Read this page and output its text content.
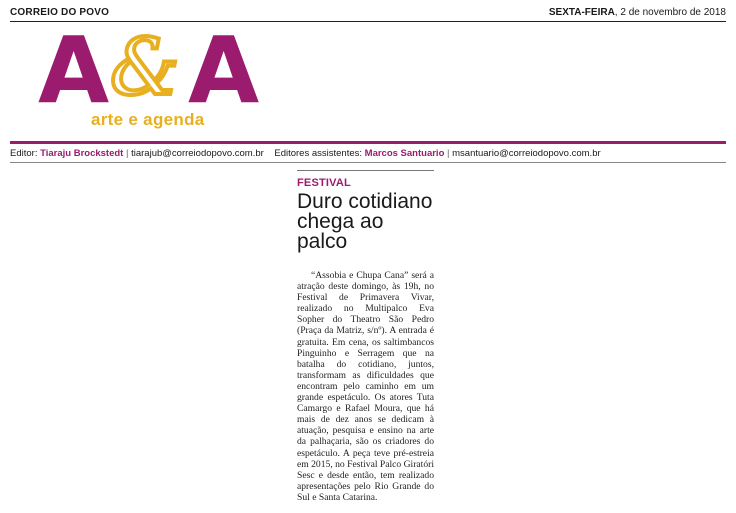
CORREIO DO POVO	SEXTA-FEIRA, 2 de novembro de 2018
A & A
arte e agenda
Editor: Tiaraju Brockstedt | tiarajub@correiodopovo.com.br Editores assistentes: Marcos Santuario | msantuario@correiodopovo.com.br
FESTIVAL
Duro cotidiano chega ao palco

“Assobia e Chupa Cana” será a atração deste domingo, às 19h, no Festival de Primavera Vivar, realizado no Multipalco Eva Sopher do Theatro São Pedro (Praça da Matriz, s/nº). A entrada é gratuita. Em cena, os saltimbancos Pinguinho e Serragem que na batalha do cotidiano, juntos, transformam as dificuldades que encontram pelo caminho em um grande espetáculo. Os atores Tuta Camargo e Rafael Moura, que há mais de dez anos se dedicam à atuação, pesquisa e ensino na arte da palhaçaria, são os criadores do espetáculo. A peça teve pré-estreia em 2015, no Festival Palco Giratóri Sesc e desde então, tem realizado apresentações pelo Rio Grande do Sul e Santa Catarina.
